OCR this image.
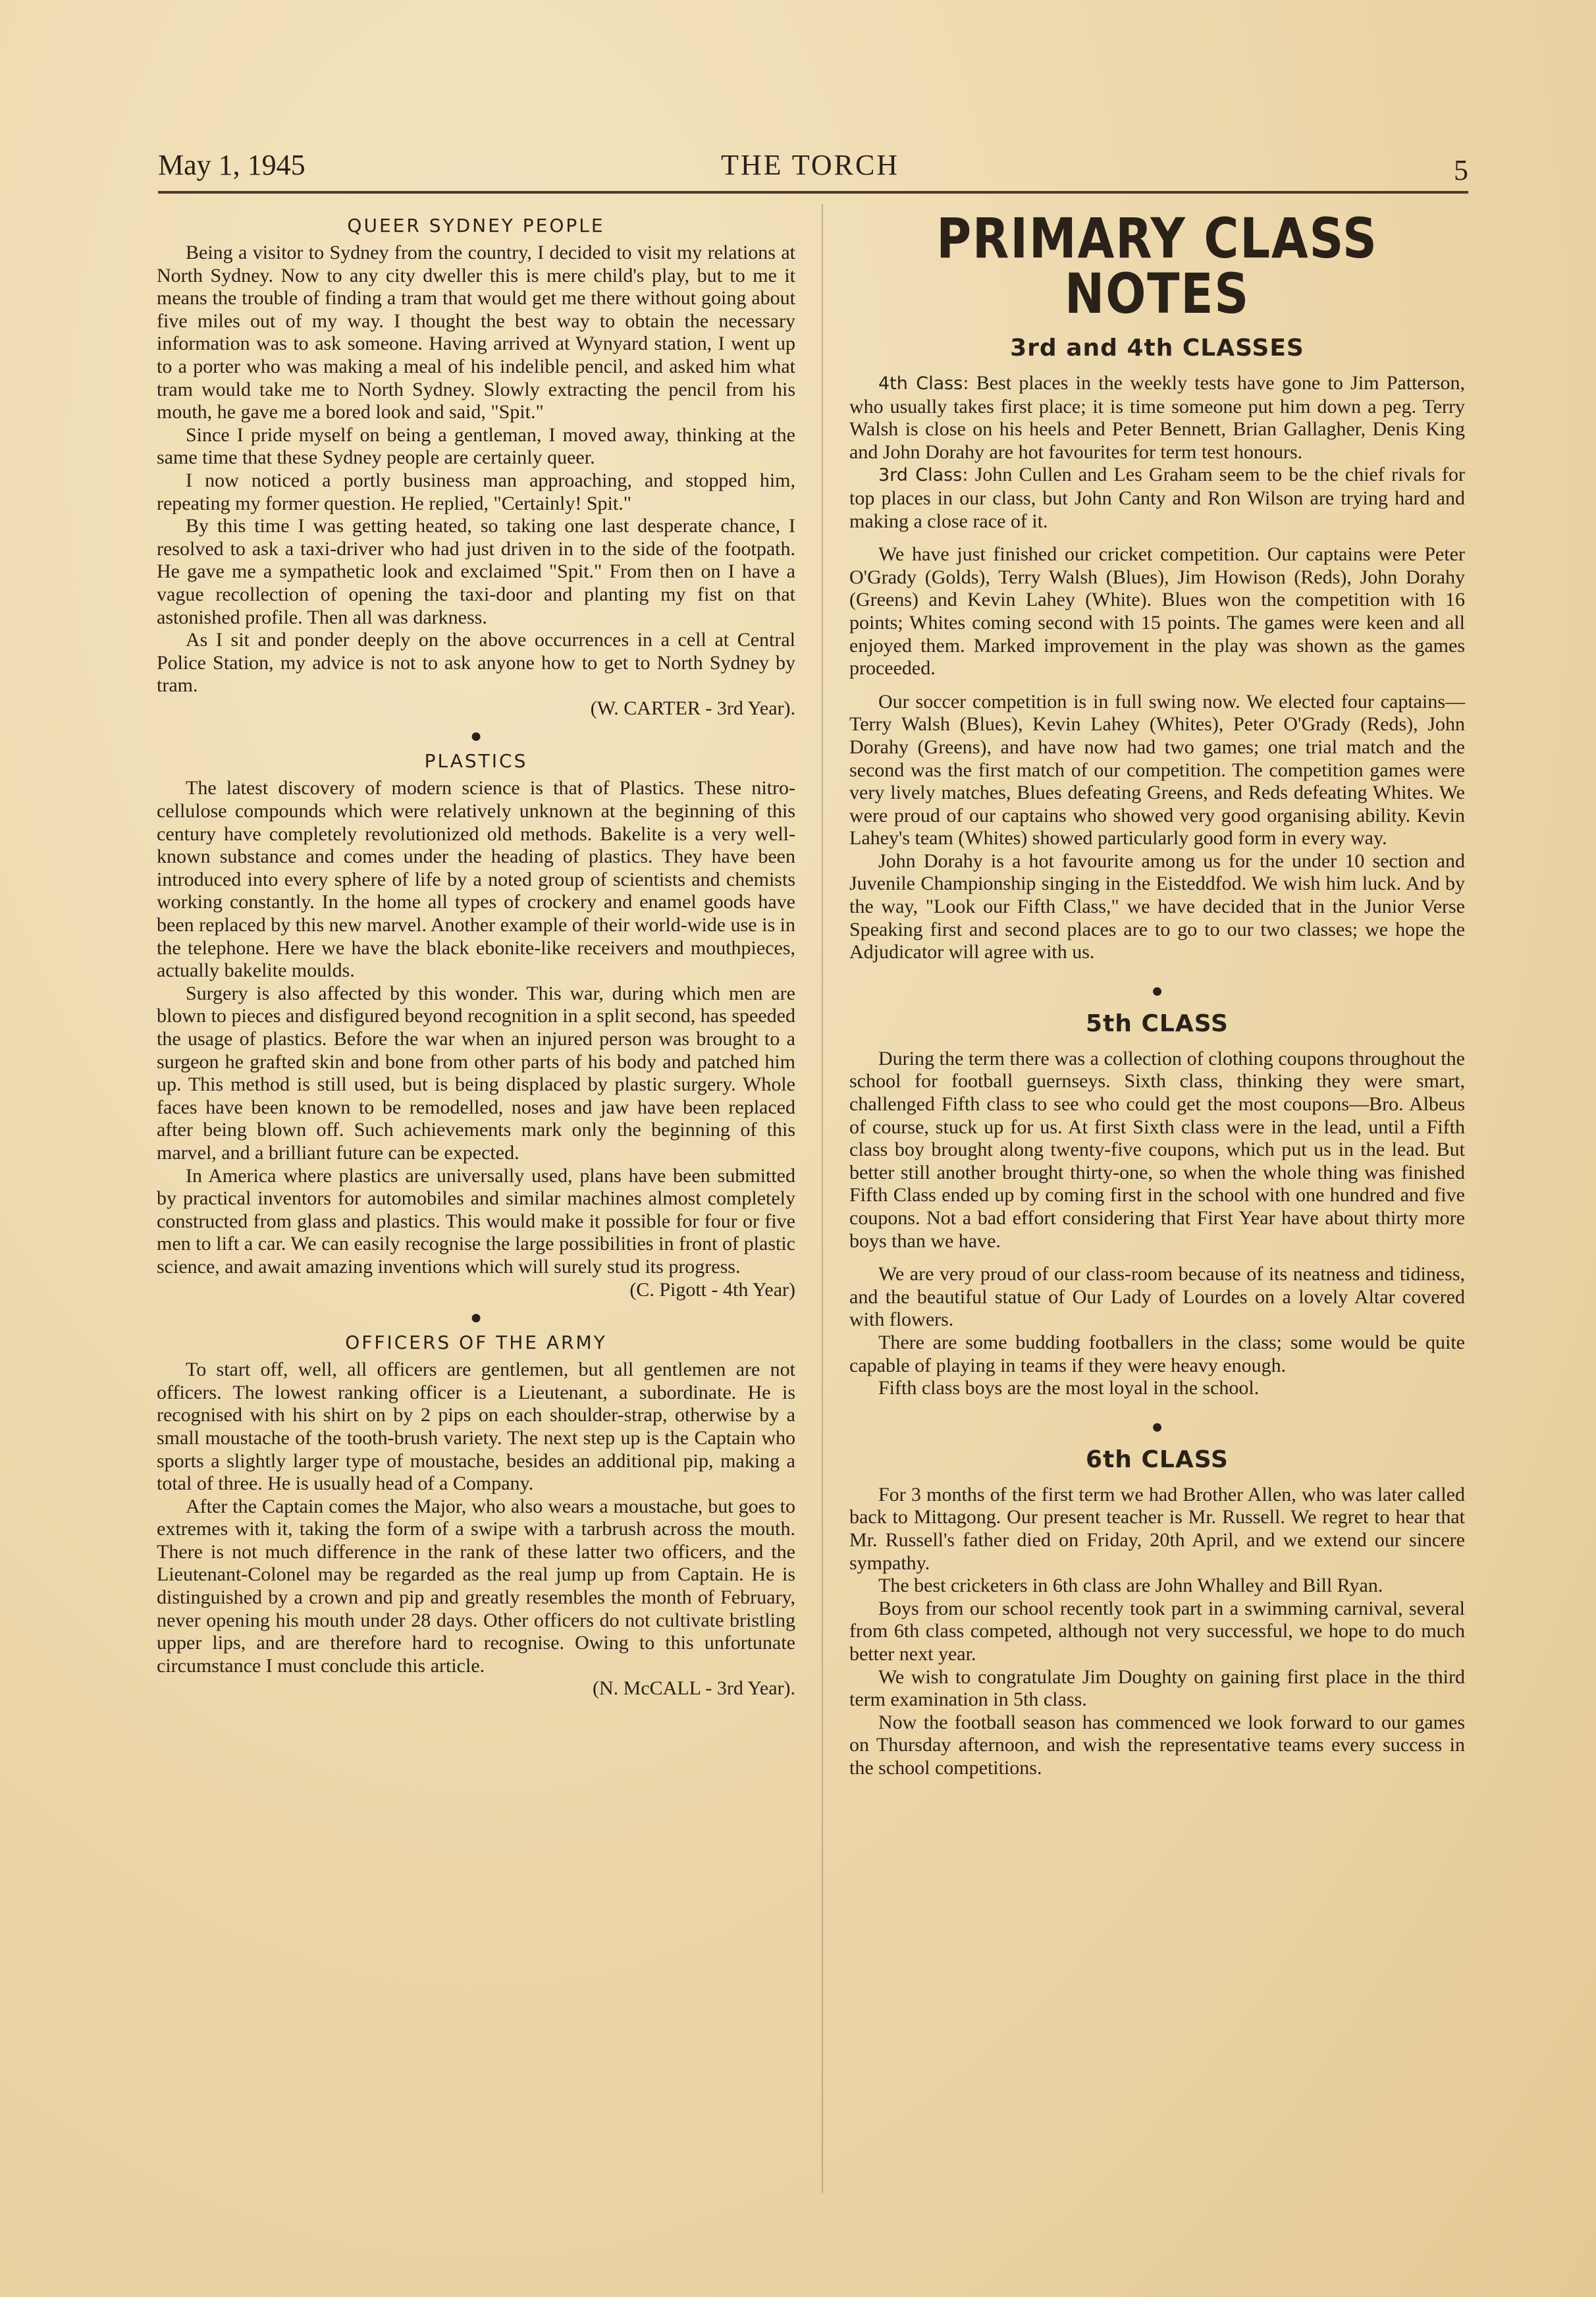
May 1, 1945	THE TORCH	5
QUEER SYDNEY PEOPLE

Being a visitor to Sydney from the country, I decided to visit my relations at North Sydney. Now to any city dweller this is mere child's play, but to me it means the trouble of finding a tram that would get me there without going about five miles out of my way. I thought the best way to obtain the necessary information was to ask someone. Having arrived at Wynyard station, I went up to a porter who was making a meal of his indelible pencil, and asked him what tram would take me to North Sydney. Slowly extracting the pencil from his mouth, he gave me a bored look and said, "Spit."

Since I pride myself on being a gentleman, I moved away, thinking at the same time that these Sydney people are certainly queer.

I now noticed a portly business man approaching, and stopped him, repeating my former question. He replied, "Certainly! Spit."

By this time I was getting heated, so taking one last desperate chance, I resolved to ask a taxi-driver who had just driven in to the side of the footpath. He gave me a sympathetic look and exclaimed "Spit." From then on I have a vague recollection of opening the taxi-door and planting my fist on that astonished profile. Then all was darkness.

As I sit and ponder deeply on the above occurrences in a cell at Central Police Station, my advice is not to ask anyone how to get to North Sydney by tram.

(W. CARTER - 3rd Year).
●
PLASTICS

The latest discovery of modern science is that of Plastics. These nitro-cellulose compounds which were relatively unknown at the beginning of this century have completely revolutionized old methods. Bakelite is a very well-known substance and comes under the heading of plastics. They have been introduced into every sphere of life by a noted group of scientists and chemists working constantly. In the home all types of crockery and enamel goods have been replaced by this new marvel. Another example of their world-wide use is in the telephone. Here we have the black ebonite-like receivers and mouthpieces, actually bakelite moulds.

Surgery is also affected by this wonder. This war, during which men are blown to pieces and disfigured beyond recognition in a split second, has speeded the usage of plastics. Before the war when an injured person was brought to a surgeon he grafted skin and bone from other parts of his body and patched him up. This method is still used, but is being displaced by plastic surgery. Whole faces have been known to be remodelled, noses and jaw have been replaced after being blown off. Such achievements mark only the beginning of this marvel, and a brilliant future can be expected.

In America where plastics are universally used, plans have been submitted by practical inventors for automobiles and similar machines almost completely constructed from glass and plastics. This would make it possible for four or five men to lift a car. We can easily recognise the large possibilities in front of plastic science, and await amazing inventions which will surely stud its progress.

(C. Pigott - 4th Year)
●
OFFICERS OF THE ARMY

To start off, well, all officers are gentlemen, but all gentlemen are not officers. The lowest ranking officer is a Lieutenant, a subordinate. He is recognised with his shirt on by 2 pips on each shoulder-strap, otherwise by a small moustache of the tooth-brush variety. The next step up is the Captain who sports a slightly larger type of moustache, besides an additional pip, making a total of three. He is usually head of a Company.

After the Captain comes the Major, who also wears a moustache, but goes to extremes with it, taking the form of a swipe with a tarbrush across the mouth. There is not much difference in the rank of these latter two officers, and the Lieutenant-Colonel may be regarded as the real jump up from Captain. He is distinguished by a crown and pip and greatly resembles the month of February, never opening his mouth under 28 days. Other officers do not cultivate bristling upper lips, and are therefore hard to recognise. Owing to this unfortunate circumstance I must conclude this article.

(N. McCALL - 3rd Year).
PRIMARY CLASS NOTES
3rd and 4th CLASSES

4th Class: Best places in the weekly tests have gone to Jim Patterson, who usually takes first place; it is time someone put him down a peg. Terry Walsh is close on his heels and Peter Bennett, Brian Gallagher, Denis King and John Dorahy are hot favourites for term test honours.

3rd Class: John Cullen and Les Graham seem to be the chief rivals for top places in our class, but John Canty and Ron Wilson are trying hard and making a close race of it.

We have just finished our cricket competition. Our captains were Peter O'Grady (Golds), Terry Walsh (Blues), Jim Howison (Reds), John Dorahy (Greens) and Kevin Lahey (White). Blues won the competition with 16 points; Whites coming second with 15 points. The games were keen and all enjoyed them. Marked improvement in the play was shown as the games proceeded.

Our soccer competition is in full swing now. We elected four captains—Terry Walsh (Blues), Kevin Lahey (Whites), Peter O'Grady (Reds), John Dorahy (Greens), and have now had two games; one trial match and the second was the first match of our competition. The competition games were very lively matches, Blues defeating Greens, and Reds defeating Whites. We were proud of our captains who showed very good organising ability. Kevin Lahey's team (Whites) showed particularly good form in every way.

John Dorahy is a hot favourite among us for the under 10 section and Juvenile Championship singing in the Eisteddfod. We wish him luck. And by the way, "Look our Fifth Class," we have decided that in the Junior Verse Speaking first and second places are to go to our two classes; we hope the Adjudicator will agree with us.

●
5th CLASS

During the term there was a collection of clothing coupons throughout the school for football guernseys. Sixth class, thinking they were smart, challenged Fifth class to see who could get the most coupons—Bro. Albeus of course, stuck up for us. At first Sixth class were in the lead, until a Fifth class boy brought along twenty-five coupons, which put us in the lead. But better still another brought thirty-one, so when the whole thing was finished Fifth Class ended up by coming first in the school with one hundred and five coupons. Not a bad effort considering that First Year have about thirty more boys than we have.

We are very proud of our class-room because of its neatness and tidiness, and the beautiful statue of Our Lady of Lourdes on a lovely Altar covered with flowers.

There are some budding footballers in the class; some would be quite capable of playing in teams if they were heavy enough.

Fifth class boys are the most loyal in the school.

●
6th CLASS

For 3 months of the first term we had Brother Allen, who was later called back to Mittagong. Our present teacher is Mr. Russell. We regret to hear that Mr. Russell's father died on Friday, 20th April, and we extend our sincere sympathy.

The best cricketers in 6th class are John Whalley and Bill Ryan.

Boys from our school recently took part in a swimming carnival, several from 6th class competed, although not very successful, we hope to do much better next year.

We wish to congratulate Jim Doughty on gaining first place in the third term examination in 5th class.

Now the football season has commenced we look forward to our games on Thursday afternoon, and wish the representative teams every success in the school competitions.
